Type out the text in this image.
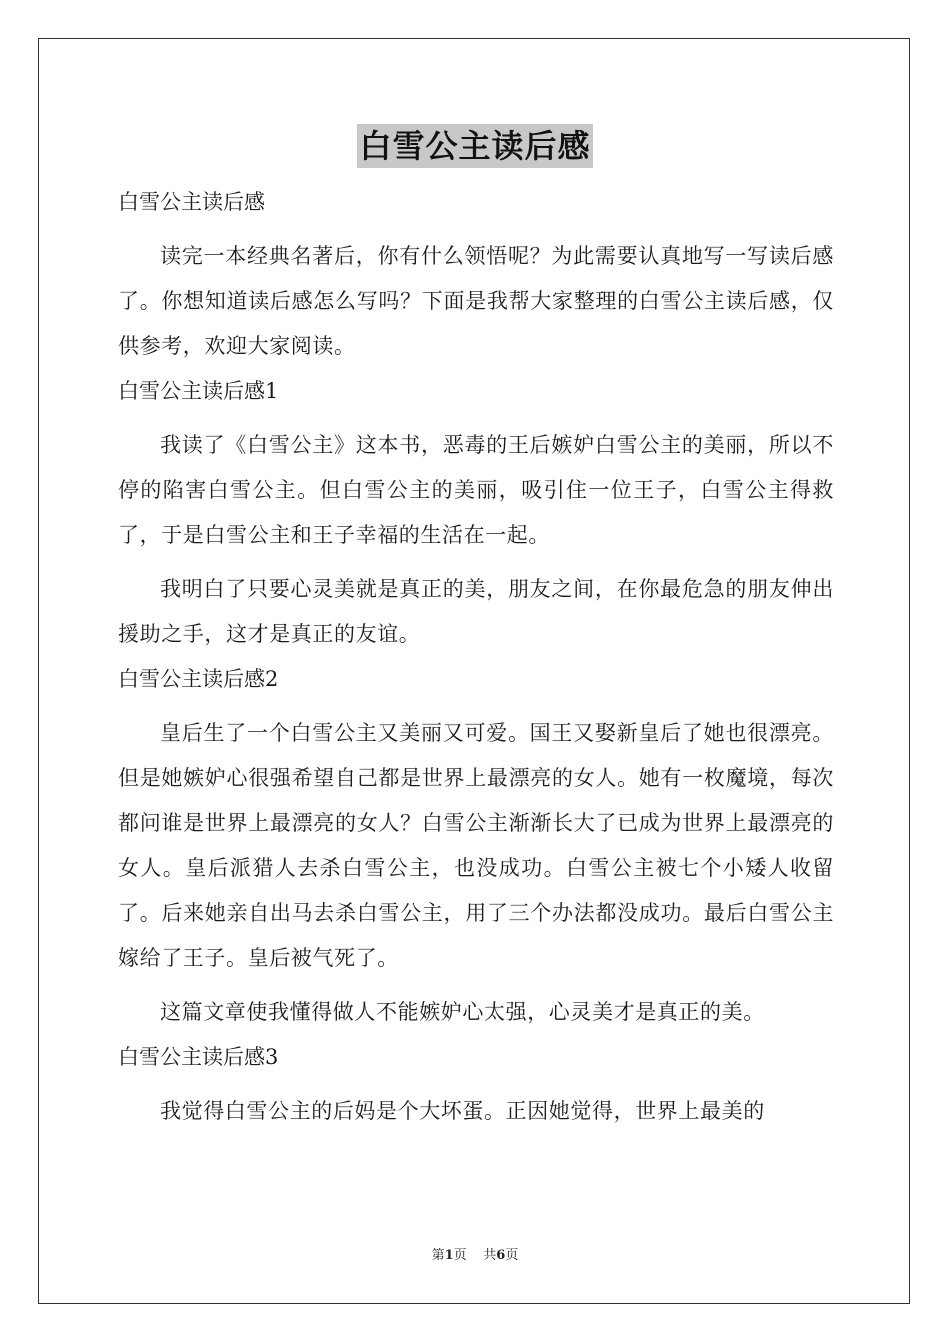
白雪公主读后感
白雪公主读后感

读完一本经典名著后，你有什么领悟呢？为此需要认真地写一写读后感了。你想知道读后感怎么写吗？下面是我帮大家整理的白雪公主读后感，仅供参考，欢迎大家阅读。

白雪公主读后感1

我读了《白雪公主》这本书，恶毒的王后嫉妒白雪公主的美丽，所以不停的陷害白雪公主。但白雪公主的美丽，吸引住一位王子，白雪公主得救了，于是白雪公主和王子幸福的生活在一起。

我明白了只要心灵美就是真正的美，朋友之间，在你最危急的朋友伸出援助之手，这才是真正的友谊。

白雪公主读后感2

皇后生了一个白雪公主又美丽又可爱。国王又娶新皇后了她也很漂亮。但是她嫉妒心很强希望自己都是世界上最漂亮的女人。她有一枚魔境，每次都问谁是世界上最漂亮的女人？白雪公主渐渐长大了已成为世界上最漂亮的女人。皇后派猎人去杀白雪公主，也没成功。白雪公主被七个小矮人收留了。后来她亲自出马去杀白雪公主，用了三个办法都没成功。最后白雪公主嫁给了王子。皇后被气死了。

这篇文章使我懂得做人不能嫉妒心太强，心灵美才是真正的美。

白雪公主读后感3

我觉得白雪公主的后妈是个大坏蛋。正因她觉得，世界上最美的

第1页 共6页
